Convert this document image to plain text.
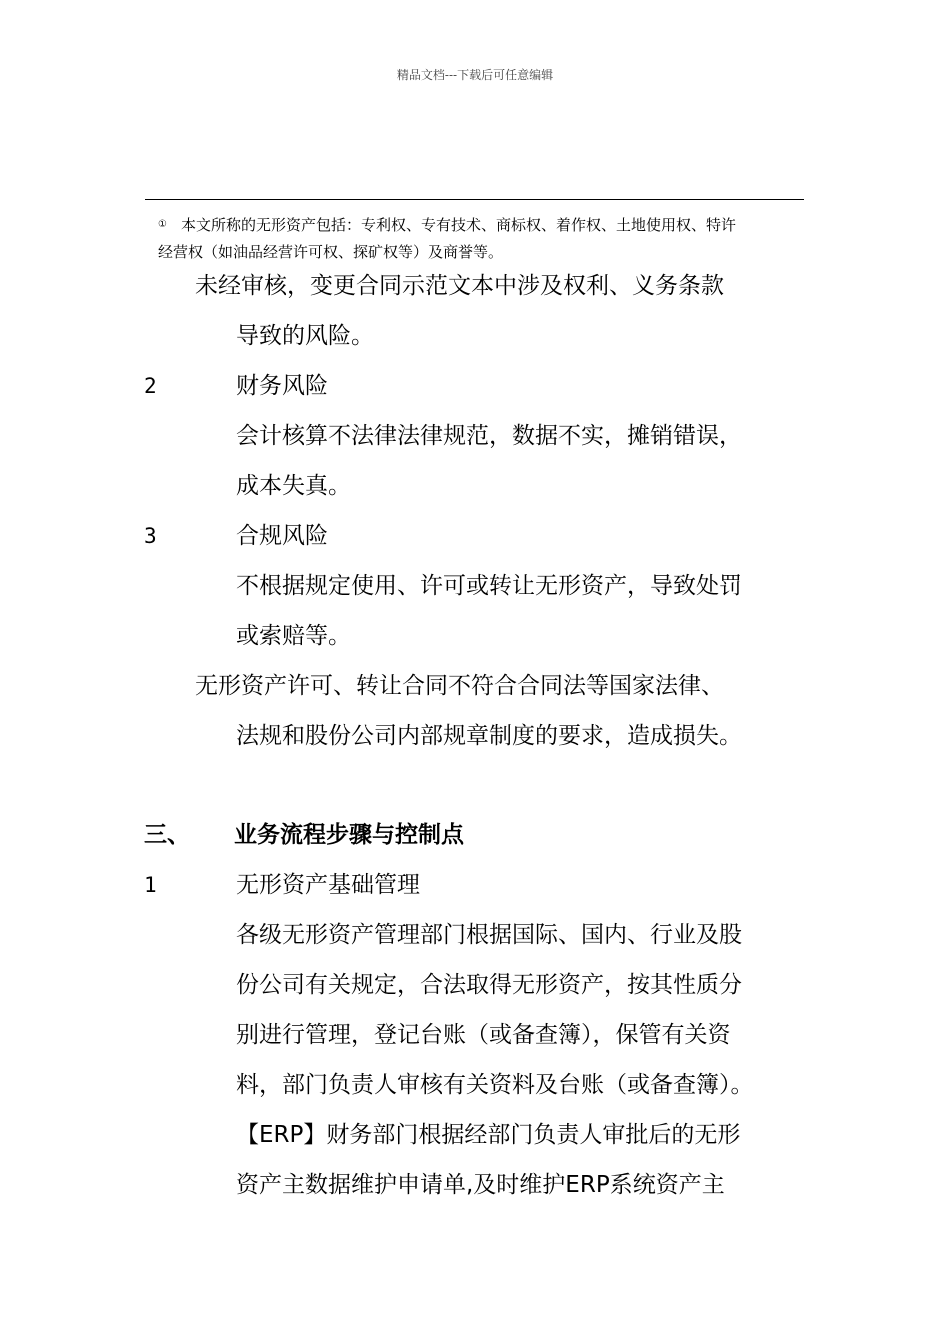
精品文档---下载后可任意编辑
① 本文所称的无形资产包括：专利权、专有技术、商标权、着作权、土地使用权、特许
经营权（如油品经营许可权、探矿权等）及商誉等。
未经审核，变更合同示范文本中涉及权利、义务条款
导致的风险。
2	财务风险
会计核算不法律法律规范，数据不实，摊销错误，
成本失真。
3	合规风险
不根据规定使用、许可或转让无形资产，导致处罚
或索赔等。
无形资产许可、转让合同不符合合同法等国家法律、
法规和股份公司内部规章制度的要求，造成损失。
三、 业务流程步骤与控制点
1	无形资产基础管理
各级无形资产管理部门根据国际、国内、行业及股
份公司有关规定，合法取得无形资产，按其性质分
别进行管理，登记台账（或备查簿），保管有关资
料，部门负责人审核有关资料及台账（或备查簿）。
【ERP】财务部门根据经部门负责人审批后的无形
资产主数据维护申请单,及时维护ERP系统资产主
